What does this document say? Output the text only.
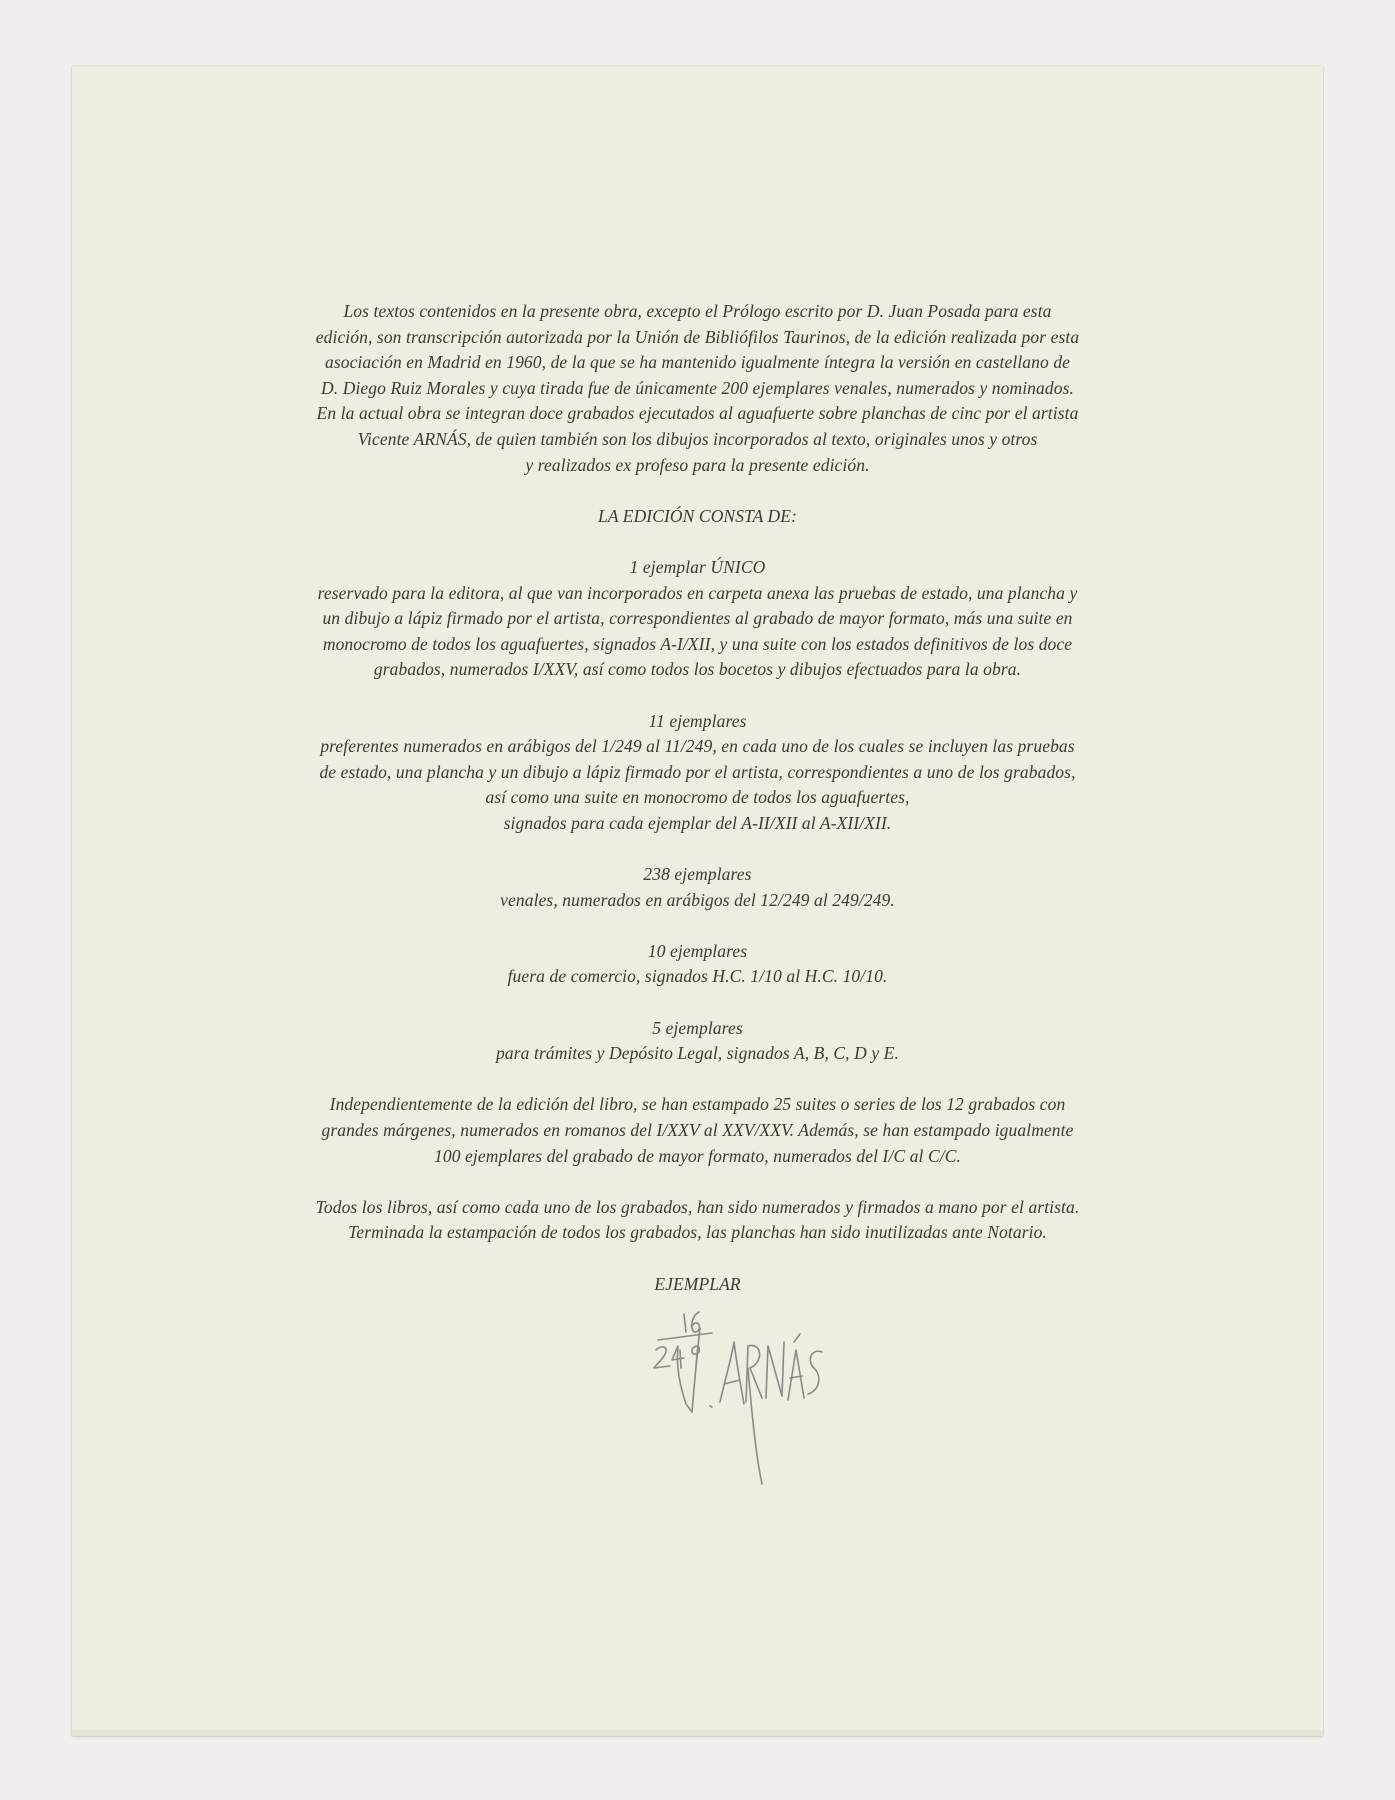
Los textos contenidos en la presente obra, excepto el Prólogo escrito por D. Juan Posada para esta

edición, son transcripción autorizada por la Unión de Bibliófilos Taurinos, de la edición realizada por esta

asociación en Madrid en 1960, de la que se ha mantenido igualmente íntegra la versión en castellano de

D. Diego Ruiz Morales y cuya tirada fue de únicamente 200 ejemplares venales, numerados y nominados.

En la actual obra se integran doce grabados ejecutados al aguafuerte sobre planchas de cinc por el artista

Vicente ARNÁS, de quien también son los dibujos incorporados al texto, originales unos y otros

y realizados ex profeso para la presente edición.

LA EDICIÓN CONSTA DE:

1 ejemplar ÚNICO

reservado para la editora, al que van incorporados en carpeta anexa las pruebas de estado, una plancha y

un dibujo a lápiz firmado por el artista, correspondientes al grabado de mayor formato, más una suite en

monocromo de todos los aguafuertes, signados A-I/XII, y una suite con los estados definitivos de los doce

grabados, numerados I/XXV, así como todos los bocetos y dibujos efectuados para la obra.

11 ejemplares

preferentes numerados en arábigos del 1/249 al 11/249, en cada uno de los cuales se incluyen las pruebas

de estado, una plancha y un dibujo a lápiz firmado por el artista, correspondientes a uno de los grabados,

así como una suite en monocromo de todos los aguafuertes,

signados para cada ejemplar del A-II/XII al A-XII/XII.

238 ejemplares

venales, numerados en arábigos del 12/249 al 249/249.

10 ejemplares

fuera de comercio, signados H.C. 1/10 al H.C. 10/10.

5 ejemplares

para trámites y Depósito Legal, signados A, B, C, D y E.

Independientemente de la edición del libro, se han estampado 25 suites o series de los 12 grabados con

grandes márgenes, numerados en romanos del I/XXV al XXV/XXV. Además, se han estampado igualmente

100 ejemplares del grabado de mayor formato, numerados del I/C al C/C.

Todos los libros, así como cada uno de los grabados, han sido numerados y firmados a mano por el artista.

Terminada la estampación de todos los grabados, las planchas han sido inutilizadas ante Notario.

EJEMPLAR
